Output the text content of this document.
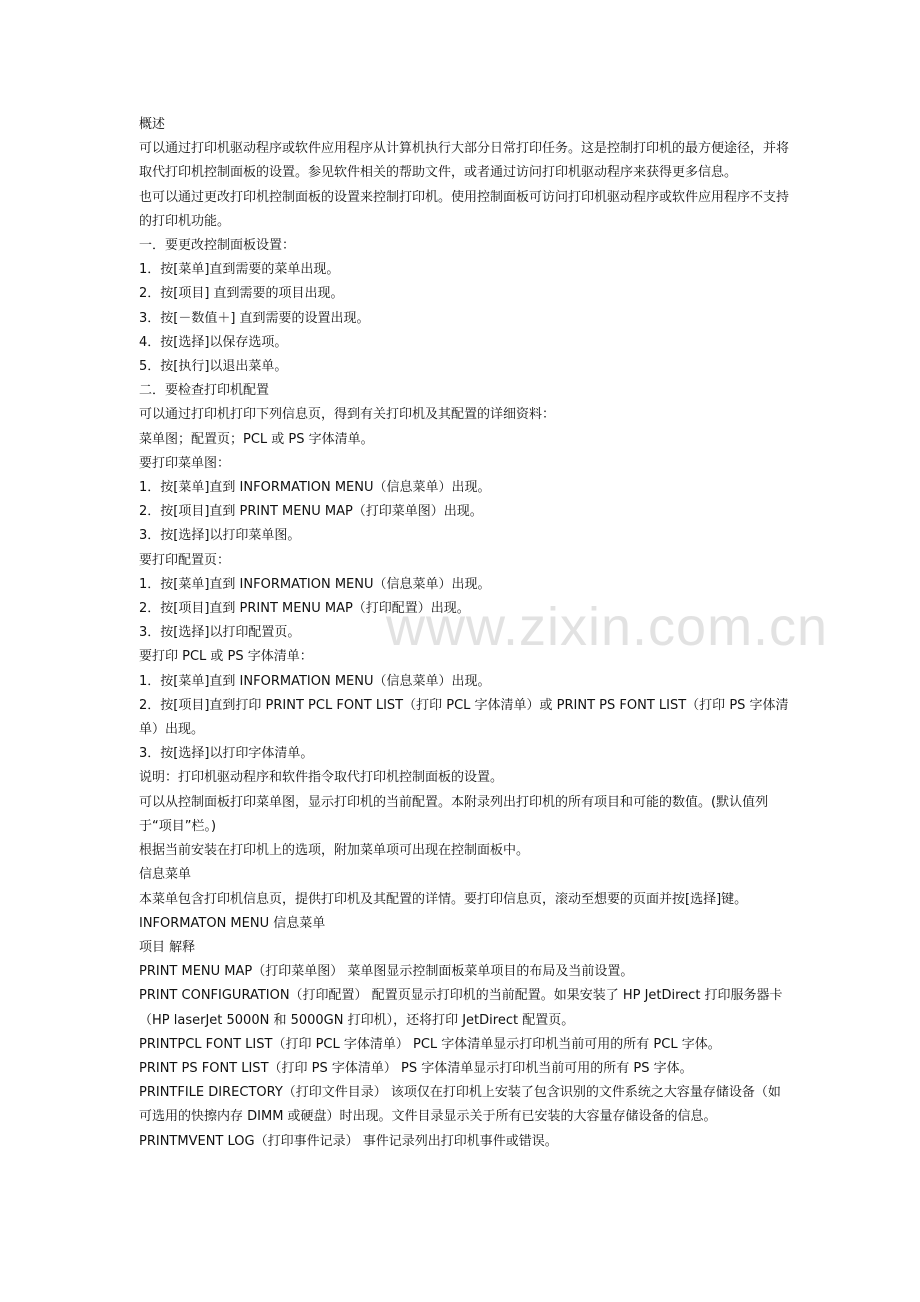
概述

可以通过打印机驱动程序或软件应用程序从计算机执行大部分日常打印任务。这是控制打印机的最方便途径，并将取代打印机控制面板的设置。参见软件相关的帮助文件，或者通过访问打印机驱动程序来获得更多信息。

也可以通过更改打印机控制面板的设置来控制打印机。使用控制面板可访问打印机驱动程序或软件应用程序不支持的打印机功能。

一．要更改控制面板设置：

1．按[菜单]直到需要的菜单出现。

2．按[项目] 直到需要的项目出现。

3．按[－数值＋] 直到需要的设置出现。

4．按[选择]以保存选项。

5．按[执行]以退出菜单。

二．要检查打印机配置

可以通过打印机打印下列信息页，得到有关打印机及其配置的详细资料：

菜单图；配置页；PCL 或 PS 字体清单。

要打印菜单图：

1．按[菜单]直到 INFORMATION MENU（信息菜单）出现。

2．按[项目]直到 PRINT MENU MAP（打印菜单图）出现。

3．按[选择]以打印菜单图。

要打印配置页：

1．按[菜单]直到 INFORMATION MENU（信息菜单）出现。

2．按[项目]直到 PRINT MENU MAP（打印配置）出现。

3．按[选择]以打印配置页。

要打印 PCL 或 PS 字体清单：

1．按[菜单]直到 INFORMATION MENU（信息菜单）出现。

2．按[项目]直到打印 PRINT PCL FONT LIST（打印 PCL 字体清单）或 PRINT PS FONT LIST（打印 PS 字体清单）出现。

3．按[选择]以打印字体清单。

说明：打印机驱动程序和软件指令取代打印机控制面板的设置。

可以从控制面板打印菜单图，显示打印机的当前配置。本附录列出打印机的所有项目和可能的数值。(默认值列于“项目”栏。)

根据当前安装在打印机上的选项，附加菜单项可出现在控制面板中。

信息菜单

本菜单包含打印机信息页，提供打印机及其配置的详情。要打印信息页，滚动至想要的页面并按[选择]键。

INFORMATON MENU 信息菜单

项目 解释

PRINT MENU MAP（打印菜单图） 菜单图显示控制面板菜单项目的布局及当前设置。

PRINT CONFIGURATION（打印配置） 配置页显示打印机的当前配置。如果安装了 HP JetDirect 打印服务器卡（HP laserJet 5000N 和 5000GN 打印机），还将打印 JetDirect 配置页。

PRINTPCL FONT LIST（打印 PCL 字体清单） PCL 字体清单显示打印机当前可用的所有 PCL 字体。

PRINT PS FONT LIST（打印 PS 字体清单） PS 字体清单显示打印机当前可用的所有 PS 字体。

PRINTFILE DIRECTORY（打印文件目录） 该项仅在打印机上安装了包含识别的文件系统之大容量存储设备（如可选用的快擦内存 DIMM 或硬盘）时出现。文件目录显示关于所有已安装的大容量存储设备的信息。

PRINTMVENT LOG（打印事件记录） 事件记录列出打印机事件或错误。

www.zixin.com.cn
